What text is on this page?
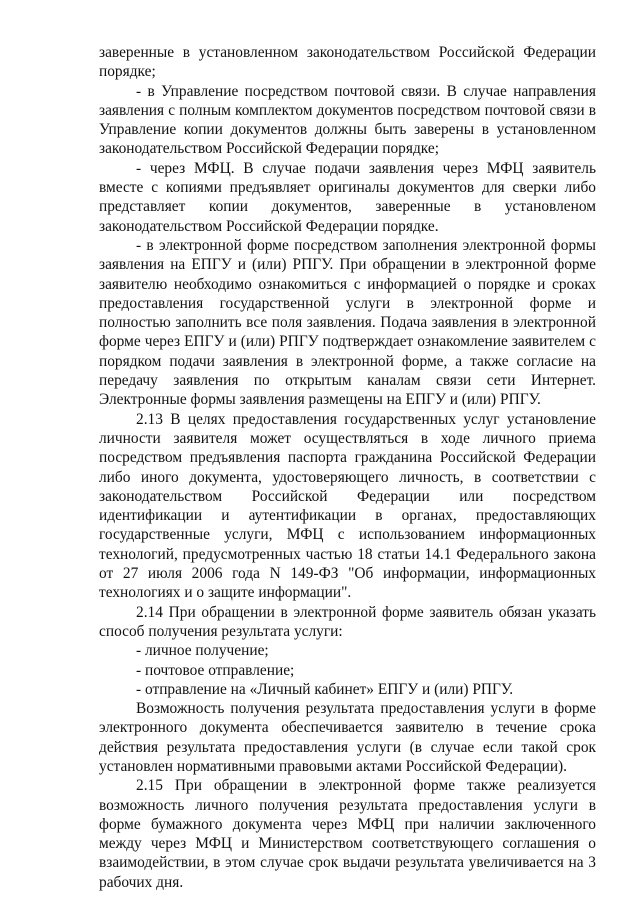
заверенные в установленном законодательством Российской Федерации порядке;

- в Управление посредством почтовой связи. В случае направления заявления с полным комплектом документов посредством почтовой связи в Управление копии документов должны быть заверены в установленном законодательством Российской Федерации порядке;

- через МФЦ. В случае подачи заявления через МФЦ заявитель вместе с копиями предъявляет оригиналы документов для сверки либо представляет копии документов, заверенные в установленом законодательством Российской Федерации порядке.

- в электронной форме посредством заполнения электронной формы заявления на ЕПГУ и (или) РПГУ. При обращении в электронной форме заявителю необходимо ознакомиться с информацией о порядке и сроках предоставления государственной услуги в электронной форме и полностью заполнить все поля заявления. Подача заявления в электронной форме через ЕПГУ и (или) РПГУ подтверждает ознакомление заявителем с порядком подачи заявления в электронной форме, а также согласие на передачу заявления по открытым каналам связи сети Интернет. Электронные формы заявления размещены на ЕПГУ и (или) РПГУ.

2.13 В целях предоставления государственных услуг установление личности заявителя может осуществляться в ходе личного приема посредством предъявления паспорта гражданина Российской Федерации либо иного документа, удостоверяющего личность, в соответствии с законодательством Российской Федерации или посредством идентификации и аутентификации в органах, предоставляющих государственные услуги, МФЦ с использованием информационных технологий, предусмотренных частью 18 статьи 14.1 Федерального закона от 27 июля 2006 года N 149-ФЗ "Об информации, информационных технологиях и о защите информации".

2.14 При обращении в электронной форме заявитель обязан указать способ получения результата услуги:

- личное получение;

- почтовое отправление;

- отправление на «Личный кабинет» ЕПГУ и (или) РПГУ.

Возможность получения результата предоставления услуги в форме электронного документа обеспечивается заявителю в течение срока действия результата предоставления услуги (в случае если такой срок установлен нормативными правовыми актами Российской Федерации).

2.15 При обращении в электронной форме также реализуется возможность личного получения результата предоставления услуги в форме бумажного документа через МФЦ при наличии заключенного между через МФЦ и Министерством соответствующего соглашения о взаимодействии, в этом случае срок выдачи результата увеличивается на 3 рабочих дня.
